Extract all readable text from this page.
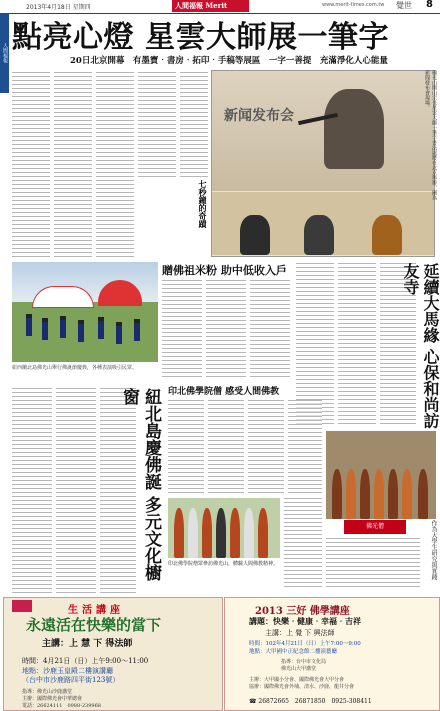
2013年4月18日 星期四	人間福報 Merit Times
www.merit-times.com.tw 覺世 8
人間福報 點亮心燈 星雲大師展一筆字
20日北京開幕　有墨寶‧書房‧拓印‧手稿等展區　一字一善提　充滿淨化人心能量
七秒鐘的奇蹟
新闻发布会	佛光山開山宗長星雲大師一筆字書法展將在北京舉辦，圖為新聞發布會現場。
紐西蘭北島佛光山舉行佛誕節慶典，各種表演吸引民眾。
贈佛祖米粉 助中低收入戶	延續大馬緣 心保和尚訪友寺
紐北島慶佛誕 多元文化櫥窗	印北佛學院僧 感受人間佛教
印北佛學院僧眾參訪佛光山，體驗人間佛教精神。
佛光僧	作為大學生研究與實踐
生活講座
永遠活在快樂的當下
主講：上 慧 下 得法師
時間：4月21日（日）上午9:00～11:00
地點：沙鹿玉皇殿二樓演講廳
（台中市沙鹿路四平街123號）
指導：佛光山沙鹿講堂
主辦：國際佛光會中華總會
電話：26624111　0988-239968
2013 三好 佛學講座
講題：快樂‧健康‧幸福‧吉祥
主講：上 覺 下 興法師
時間：102年4月21日（日）上午7:00～9:00
地點：大甲國中正紀念館二樓演藝廳
指導：台中市文化局
佛光山大甲講堂
主辦：大甲國小分會、國際佛光會大甲分會
協辦：國際佛光會外埔、清水、沙鹿、龍井分會
☎ 26872665　26871850　0925-308411
